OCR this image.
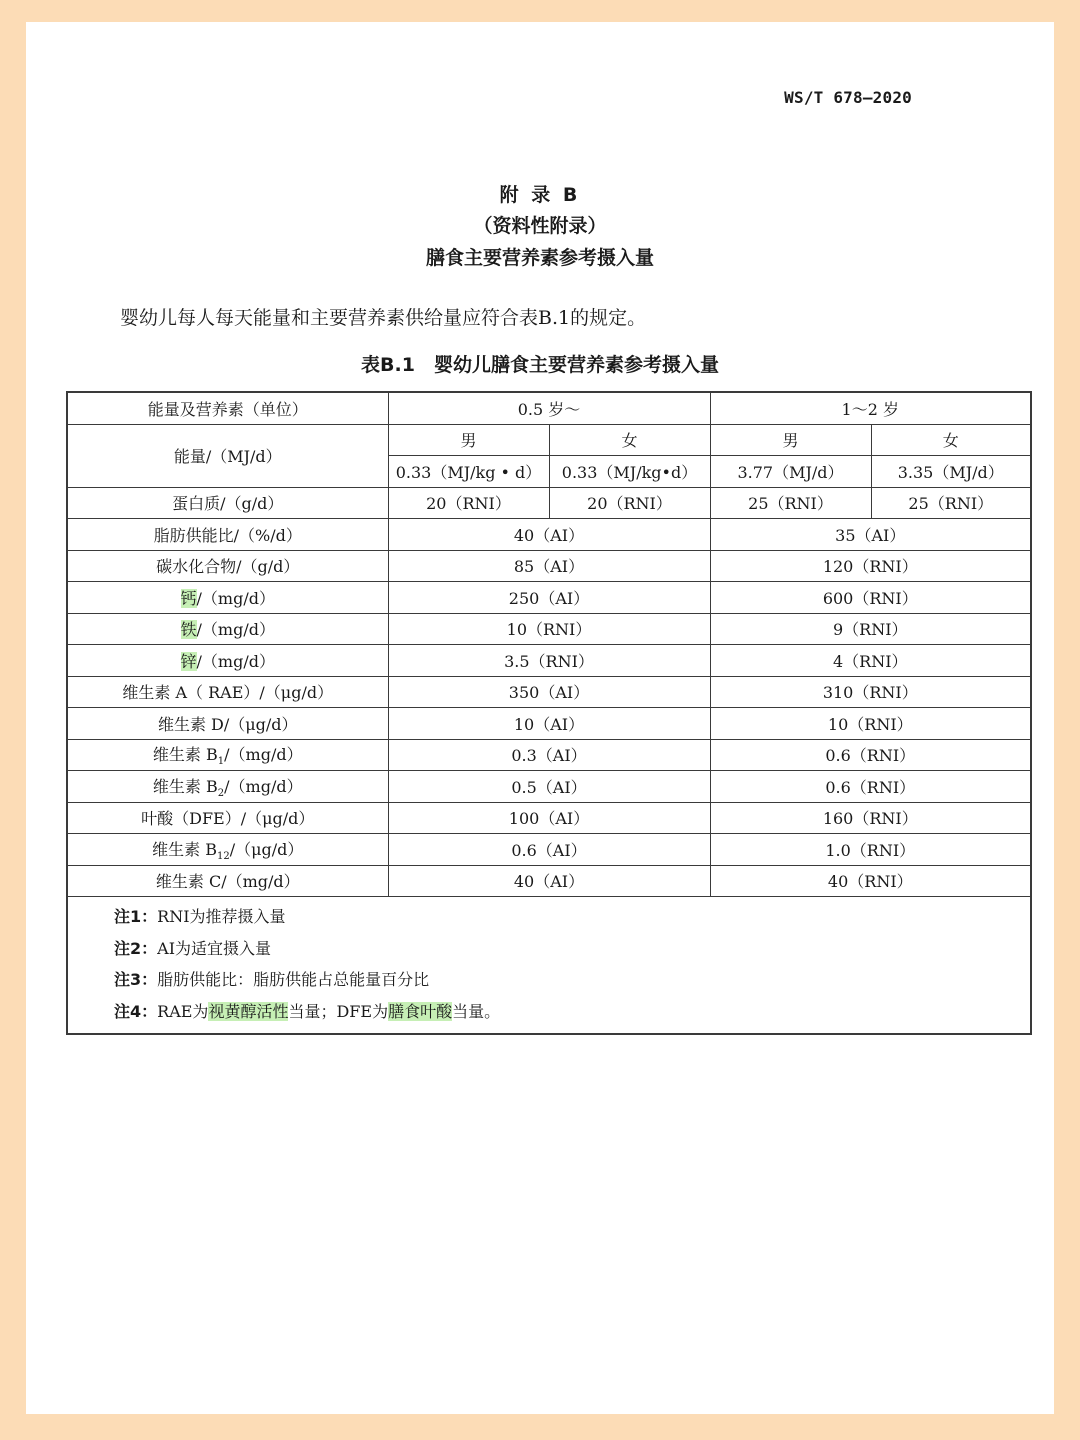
WS/T 678—2020
附 录 B
（资料性附录）
膳食主要营养素参考摄入量
婴幼儿每人每天能量和主要营养素供给量应符合表B.1的规定。
表B.1　婴幼儿膳食主要营养素参考摄入量
能量及营养素（单位）	0.5 岁～		1～2 岁	
能量/（MJ/d）	男	女	男	女
	0.33（MJ/kg • d）	0.33（MJ/kg•d）	3.77（MJ/d）	3.35（MJ/d）
蛋白质/（g/d）	20（RNI）	20（RNI）	25（RNI）	25（RNI）
脂肪供能比/（%/d）	40（AI）		35（AI）	
碳水化合物/（g/d）	85（AI）		120（RNI）	
钙/（mg/d）	250（AI）		600（RNI）	
铁/（mg/d）	10（RNI）		9（RNI）	
锌/（mg/d）	3.5（RNI）		4（RNI）	
维生素 A（ RAE）/（μg/d）	350（AI）		310（RNI）	
维生素 D/（μg/d）	10（AI）		10（RNI）	
维生素 $B_1/(mg/d)$	0.3（AI）		0.6（RNI）	
维生素 $B_2/(mg/d)$	0.5（AI）		0.6（RNI）	
叶酸（DFE）/（μg/d）	100（AI）		160（RNI）	
维生素 $B_{12}/(\mu g/d)$	0.6（AI）		1.0（RNI）	
维生素 C/（mg/d）	40（AI）		40（RNI）	

注1：RNI为推荐摄入量
注2：AI为适宜摄入量
注3：脂肪供能比：脂肪供能占总能量百分比
注4：RAE为视黄醇活性当量；DFE为膳食叶酸当量。				
